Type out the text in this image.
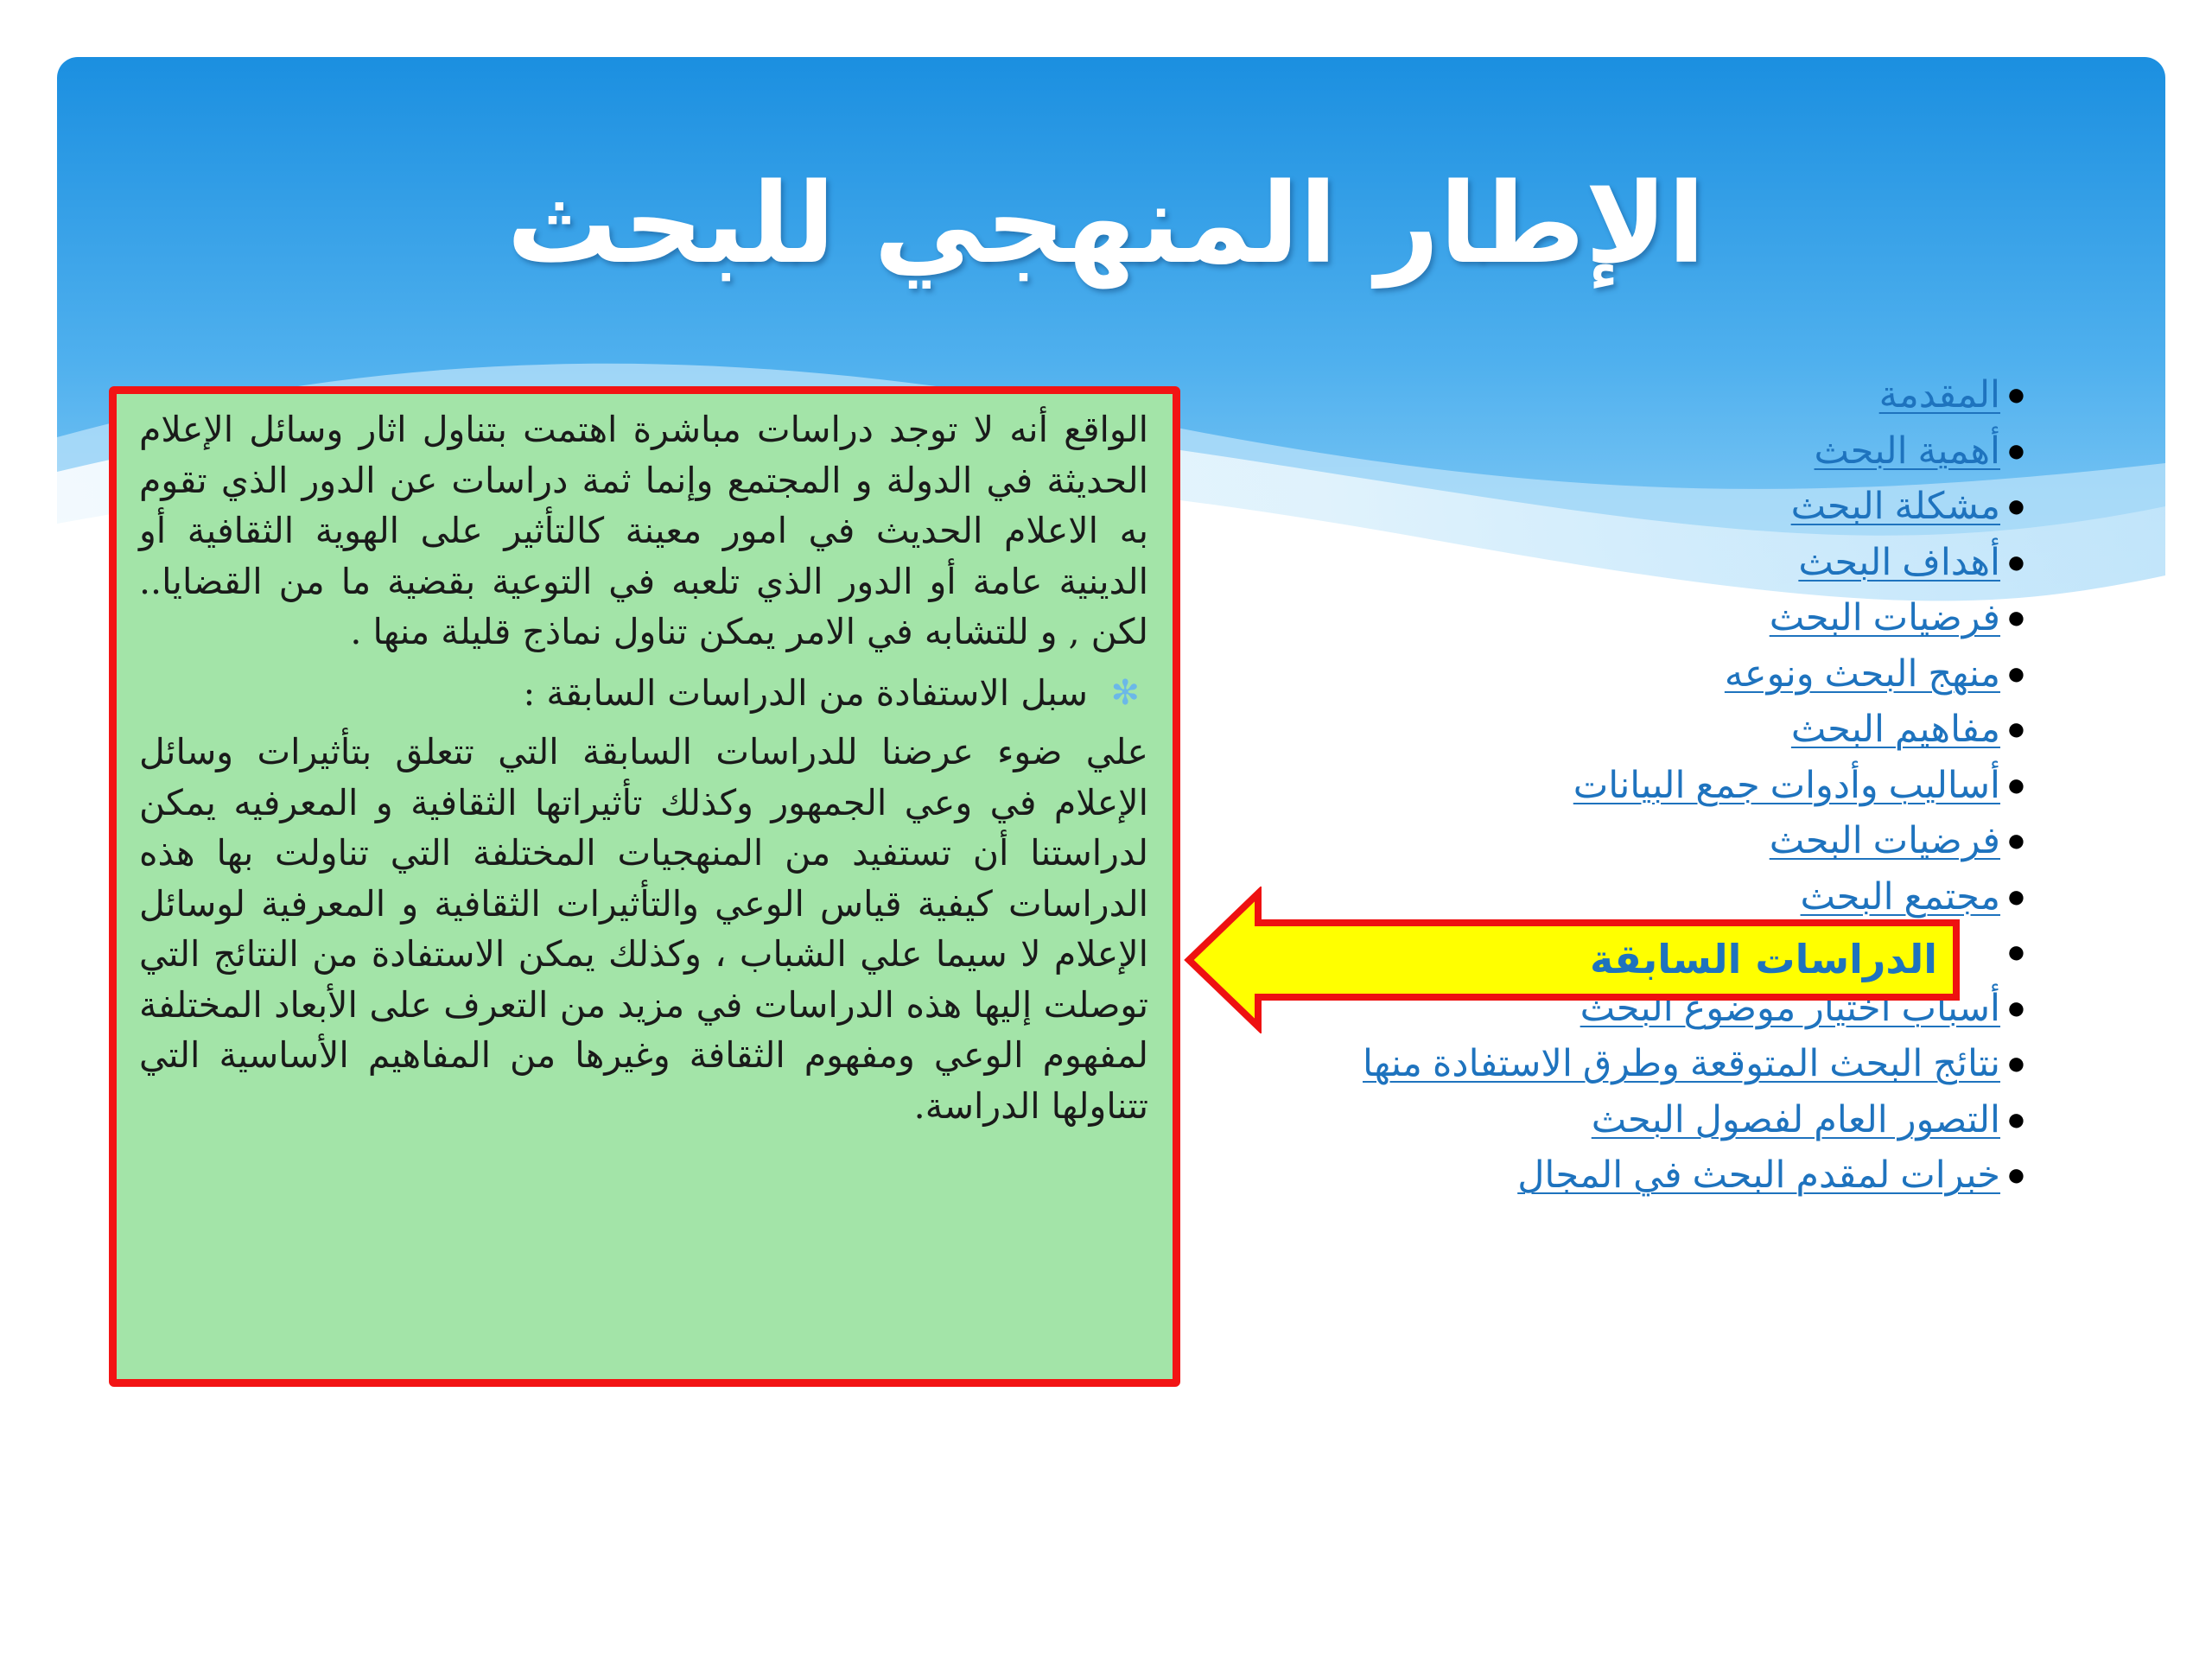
الإطار المنهجي للبحث
●
المقدمة
●
أهمية البحث
●
مشكلة البحث
●
أهداف البحث
●
فرضيات البحث
●
منهج البحث ونوعه
●
مفاهيم البحث
●
أساليب وأدوات جمع البيانات
●
فرضيات البحث
●
مجتمع البحث
●
●
أسباب اختيار موضوع البحث
●
نتائج البحث المتوقعة وطرق الاستفادة منها
●
التصور العام لفصول البحث
●
خبرات لمقدم البحث في المجال

الواقع أنه لا توجد دراسات مباشرة اهتمت بتناول اثار وسائل الإعلام الحديثة في الدولة و المجتمع وإنما ثمة دراسات عن الدور الذي تقوم به الاعلام الحديث في امور معينة كالتأثير على الهوية الثقافية أو الدينية عامة أو الدور الذي تلعبه في التوعية بقضية ما من القضايا.. لكن , و للتشابه في الامر يمكن تناول نماذج قليلة منها .

✻
سبل الاستفادة من الدراسات السابقة :

علي ضوء عرضنا للدراسات السابقة التي تتعلق بتأثيرات وسائل الإعلام في وعي الجمهور وكذلك تأثيراتها الثقافية و المعرفيه يمكن لدراستنا أن تستفيد من المنهجيات المختلفة التي تناولت بها هذه الدراسات كيفية قياس الوعي والتأثيرات الثقافية و المعرفية لوسائل الإعلام لا سيما علي الشباب ، وكذلك يمكن الاستفادة من النتائج التي توصلت إليها هذه الدراسات في مزيد من التعرف على الأبعاد المختلفة لمفهوم الوعي ومفهوم الثقافة وغيرها من المفاهيم الأساسية التي تتناولها الدراسة.

الدراسات السابقة
